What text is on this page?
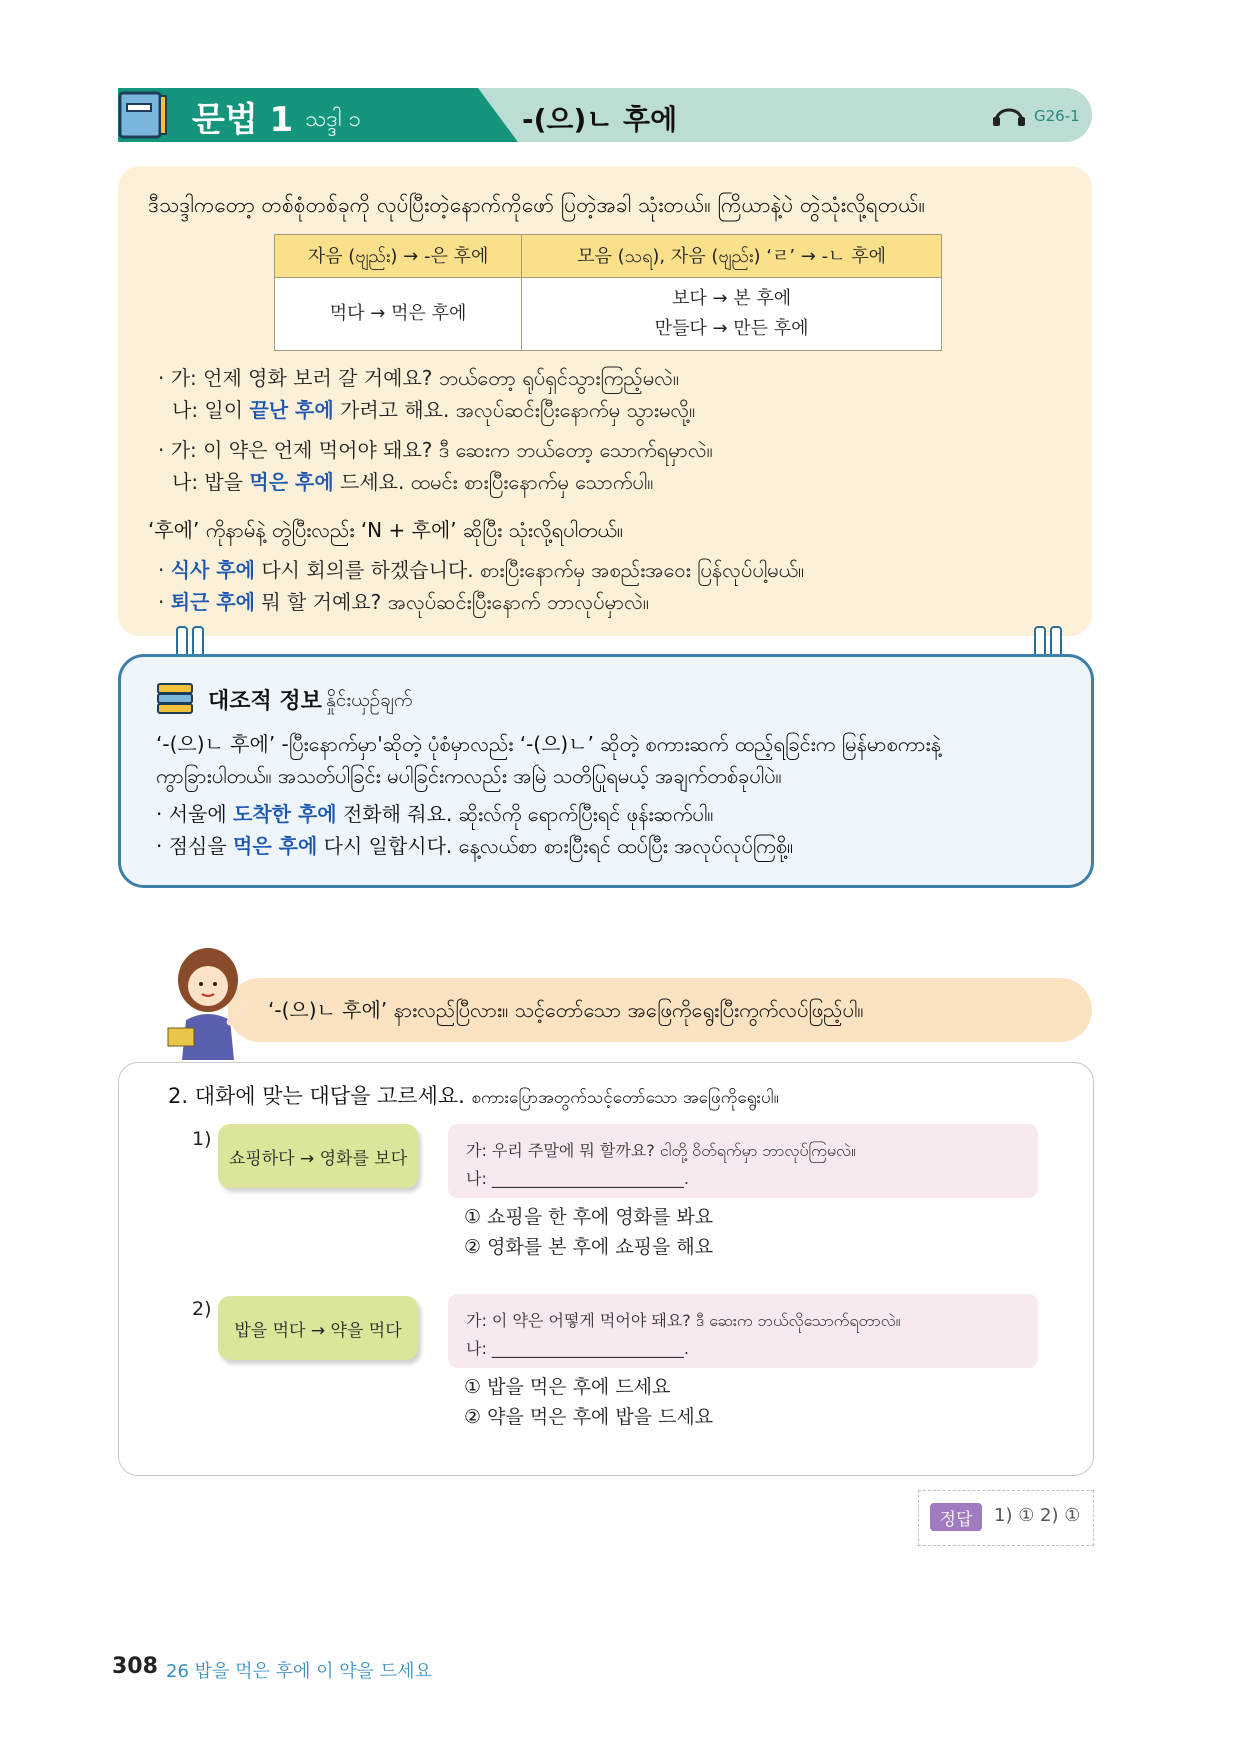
문법 1 သဒ္ဒါ ၁	-(으)ㄴ 후에	G26-1
ဒီသဒ္ဒါကတော့ တစ်စုံတစ်ခုကို လုပ်ပြီးတဲ့နောက်ကိုဖော် ပြတဲ့အခါ သုံးတယ်။ ကြိယာနဲ့ပဲ တွဲသုံးလို့ရတယ်။
자음 (ဗျည်း) → -은 후에	모음 (သရ), 자음 (ဗျည်း) ‘ㄹ’ → -ㄴ 후에

먹다 → 먹은 후에	보다 → 본 후에
만들다 → 만든 후에
· 가: 언제 영화 보러 갈 거예요? ဘယ်တော့ ရုပ်ရှင်သွားကြည့်မလဲ။
나: 일이 끝난 후에 가려고 해요. အလုပ်ဆင်းပြီးနောက်မှ သွားမလို့။
· 가: 이 약은 언제 먹어야 돼요? ဒီ ဆေးက ဘယ်တော့ သောက်ရမှာလဲ။
나: 밥을 먹은 후에 드세요. ထမင်း စားပြီးနောက်မှ သောက်ပါ။
‘후에’ ကိုနာမ်နဲ့ တွဲပြီးလည်း ‘N + 후에’ ဆိုပြီး သုံးလို့ရပါတယ်။
· 식사 후에 다시 회의를 하겠습니다. စားပြီးနောက်မှ အစည်းအဝေး ပြန်လုပ်ပါ့မယ်။
· 퇴근 후에 뭐 할 거예요? အလုပ်ဆင်းပြီးနောက် ဘာလုပ်မှာလဲ။
대조적 정보 နှိုင်းယှဉ်ချက်
‘-(으)ㄴ 후에’ -ပြီးနောက်မှာ'ဆိုတဲ့ ပုံစံမှာလည်း ‘-(으)ㄴ’ ဆိုတဲ့ စကားဆက် ထည့်ရခြင်းက မြန်မာစကားနဲ့
ကွာခြားပါတယ်။ အသတ်ပါခြင်း မပါခြင်းကလည်း အမြဲ သတိပြုရမယ့် အချက်တစ်ခုပါပဲ။
· 서울에 도착한 후에 전화해 줘요. ဆိုးလ်ကို ရောက်ပြီးရင် ဖုန်းဆက်ပါ။
· 점심을 먹은 후에 다시 일합시다. နေ့လယ်စာ စားပြီးရင် ထပ်ပြီး အလုပ်လုပ်ကြစို့။
‘-(으)ㄴ 후에’ နားလည်ပြီလား။ သင့်တော်သော အဖြေကိုရွေးပြီးကွက်လပ်ဖြည့်ပါ။
2. 대화에 맞는 대답을 고르세요. စကားပြောအတွက်သင့်တော်သော အဖြေကိုရွေးပါ။
1)
쇼핑하다 → 영화를 보다	가: 우리 주말에 뭐 할까요? ငါတို့ ဝိတ်ရက်မှာ ဘာလုပ်ကြမလဲ။
나: ________________________.
① 쇼핑을 한 후에 영화를 봐요
② 영화를 본 후에 쇼핑을 해요
2)
밥을 먹다 → 약을 먹다	가: 이 약은 어떻게 먹어야 돼요? ဒီ ဆေးက ဘယ်လိုသောက်ရတာလဲ။
나: ________________________.
① 밥을 먹은 후에 드세요
② 약을 먹은 후에 밥을 드세요
정답	1) ① 2) ①
308 26 밥을 먹은 후에 이 약을 드세요
